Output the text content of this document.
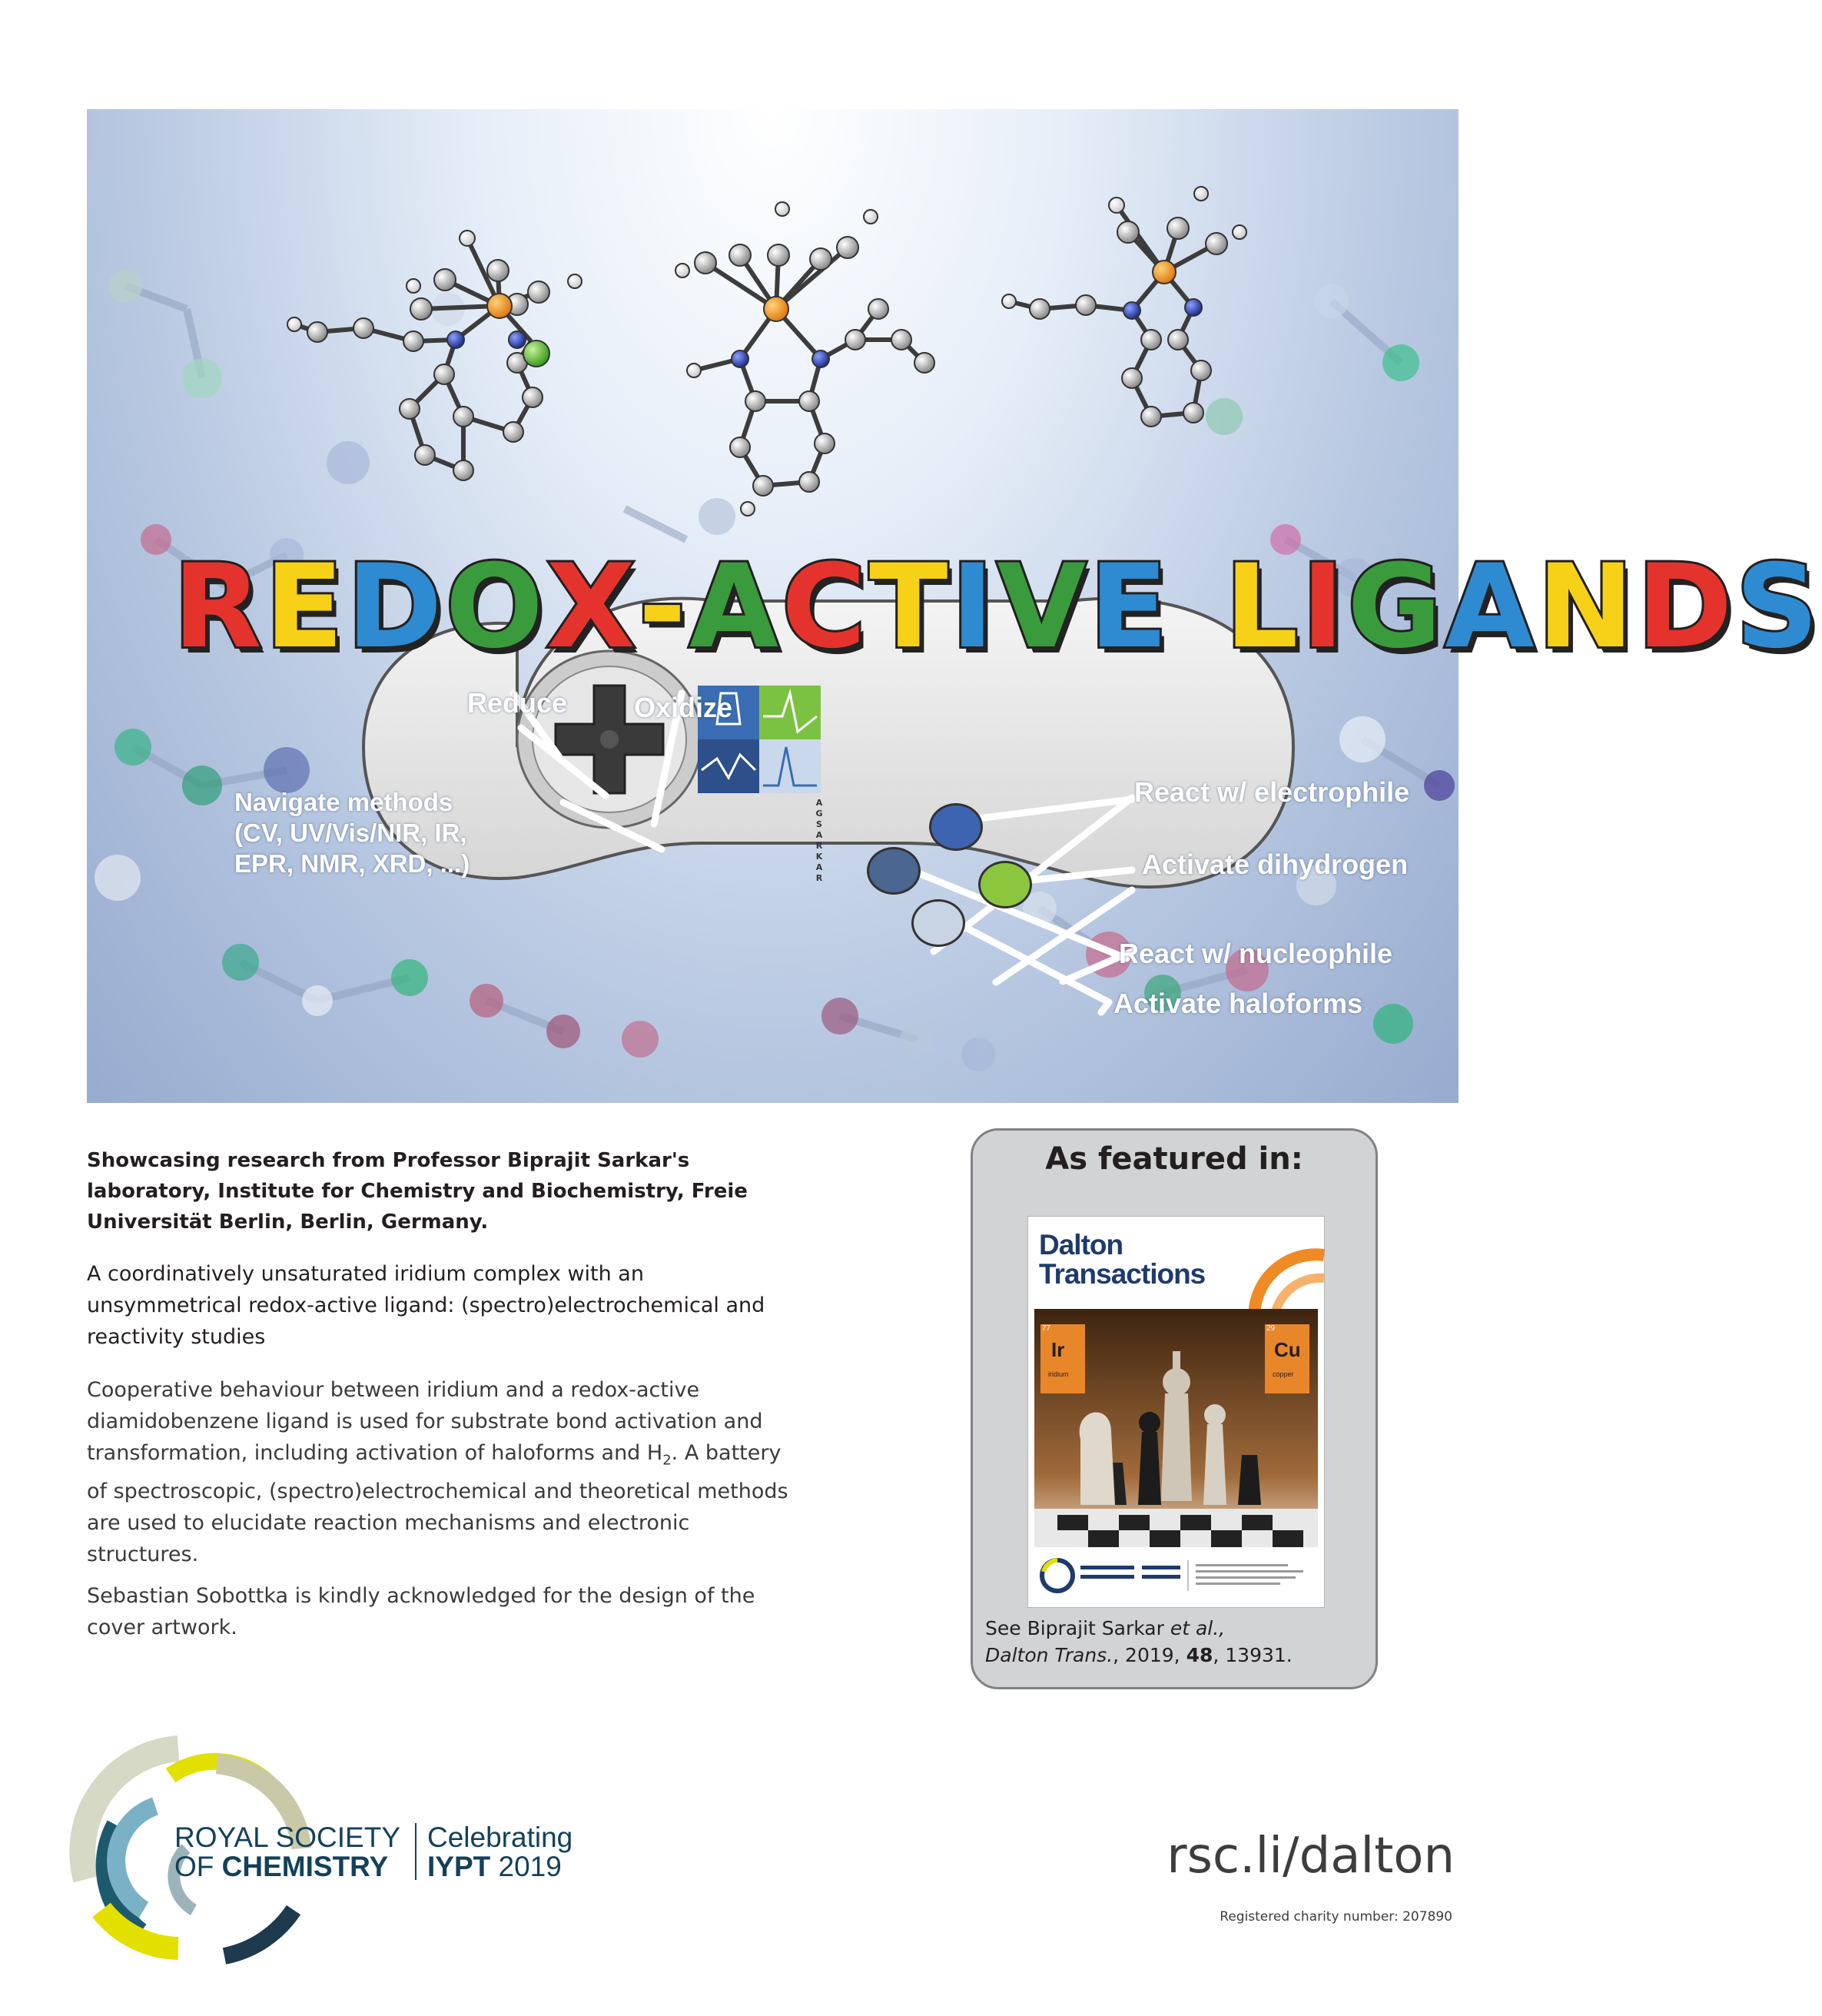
A
G
S
A
R
K
A
R
R E D O X - A C T I V E L I G A N D S
Reduce Oxidize
Navigate methods (CV, UV/Vis/NIR, IR, EPR, NMR, XRD, ...)
React w/ electrophile
Activate dihydrogen
React w/ nucleophile
Activate haloforms
Showcasing research from Professor Biprajit Sarkar's laboratory, Institute for Chemistry and Biochemistry, Freie Universität Berlin, Berlin, Germany.
A coordinatively unsaturated iridium complex with an unsymmetrical redox-active ligand: (spectro)electrochemical and reactivity studies
Cooperative behaviour between iridium and a redox-active diamidobenzene ligand is used for substrate bond activation and transformation, including activation of haloforms and $H_2$. A battery of spectroscopic, (spectro)electrochemical and theoretical methods are used to elucidate reaction mechanisms and electronic structures.
Sebastian Sobottka is kindly acknowledged for the design of the cover artwork.
As featured in:
Dalton
Transactions
77
Ir
iridium
29
Cu
copper
See Biprajit Sarkar et al.,
Dalton Trans., 2019, 48, 13931.
ROYAL SOCIETY
OF CHEMISTRY
Celebrating
IYPT 2019	rsc.li/dalton
Registered charity number: 207890
